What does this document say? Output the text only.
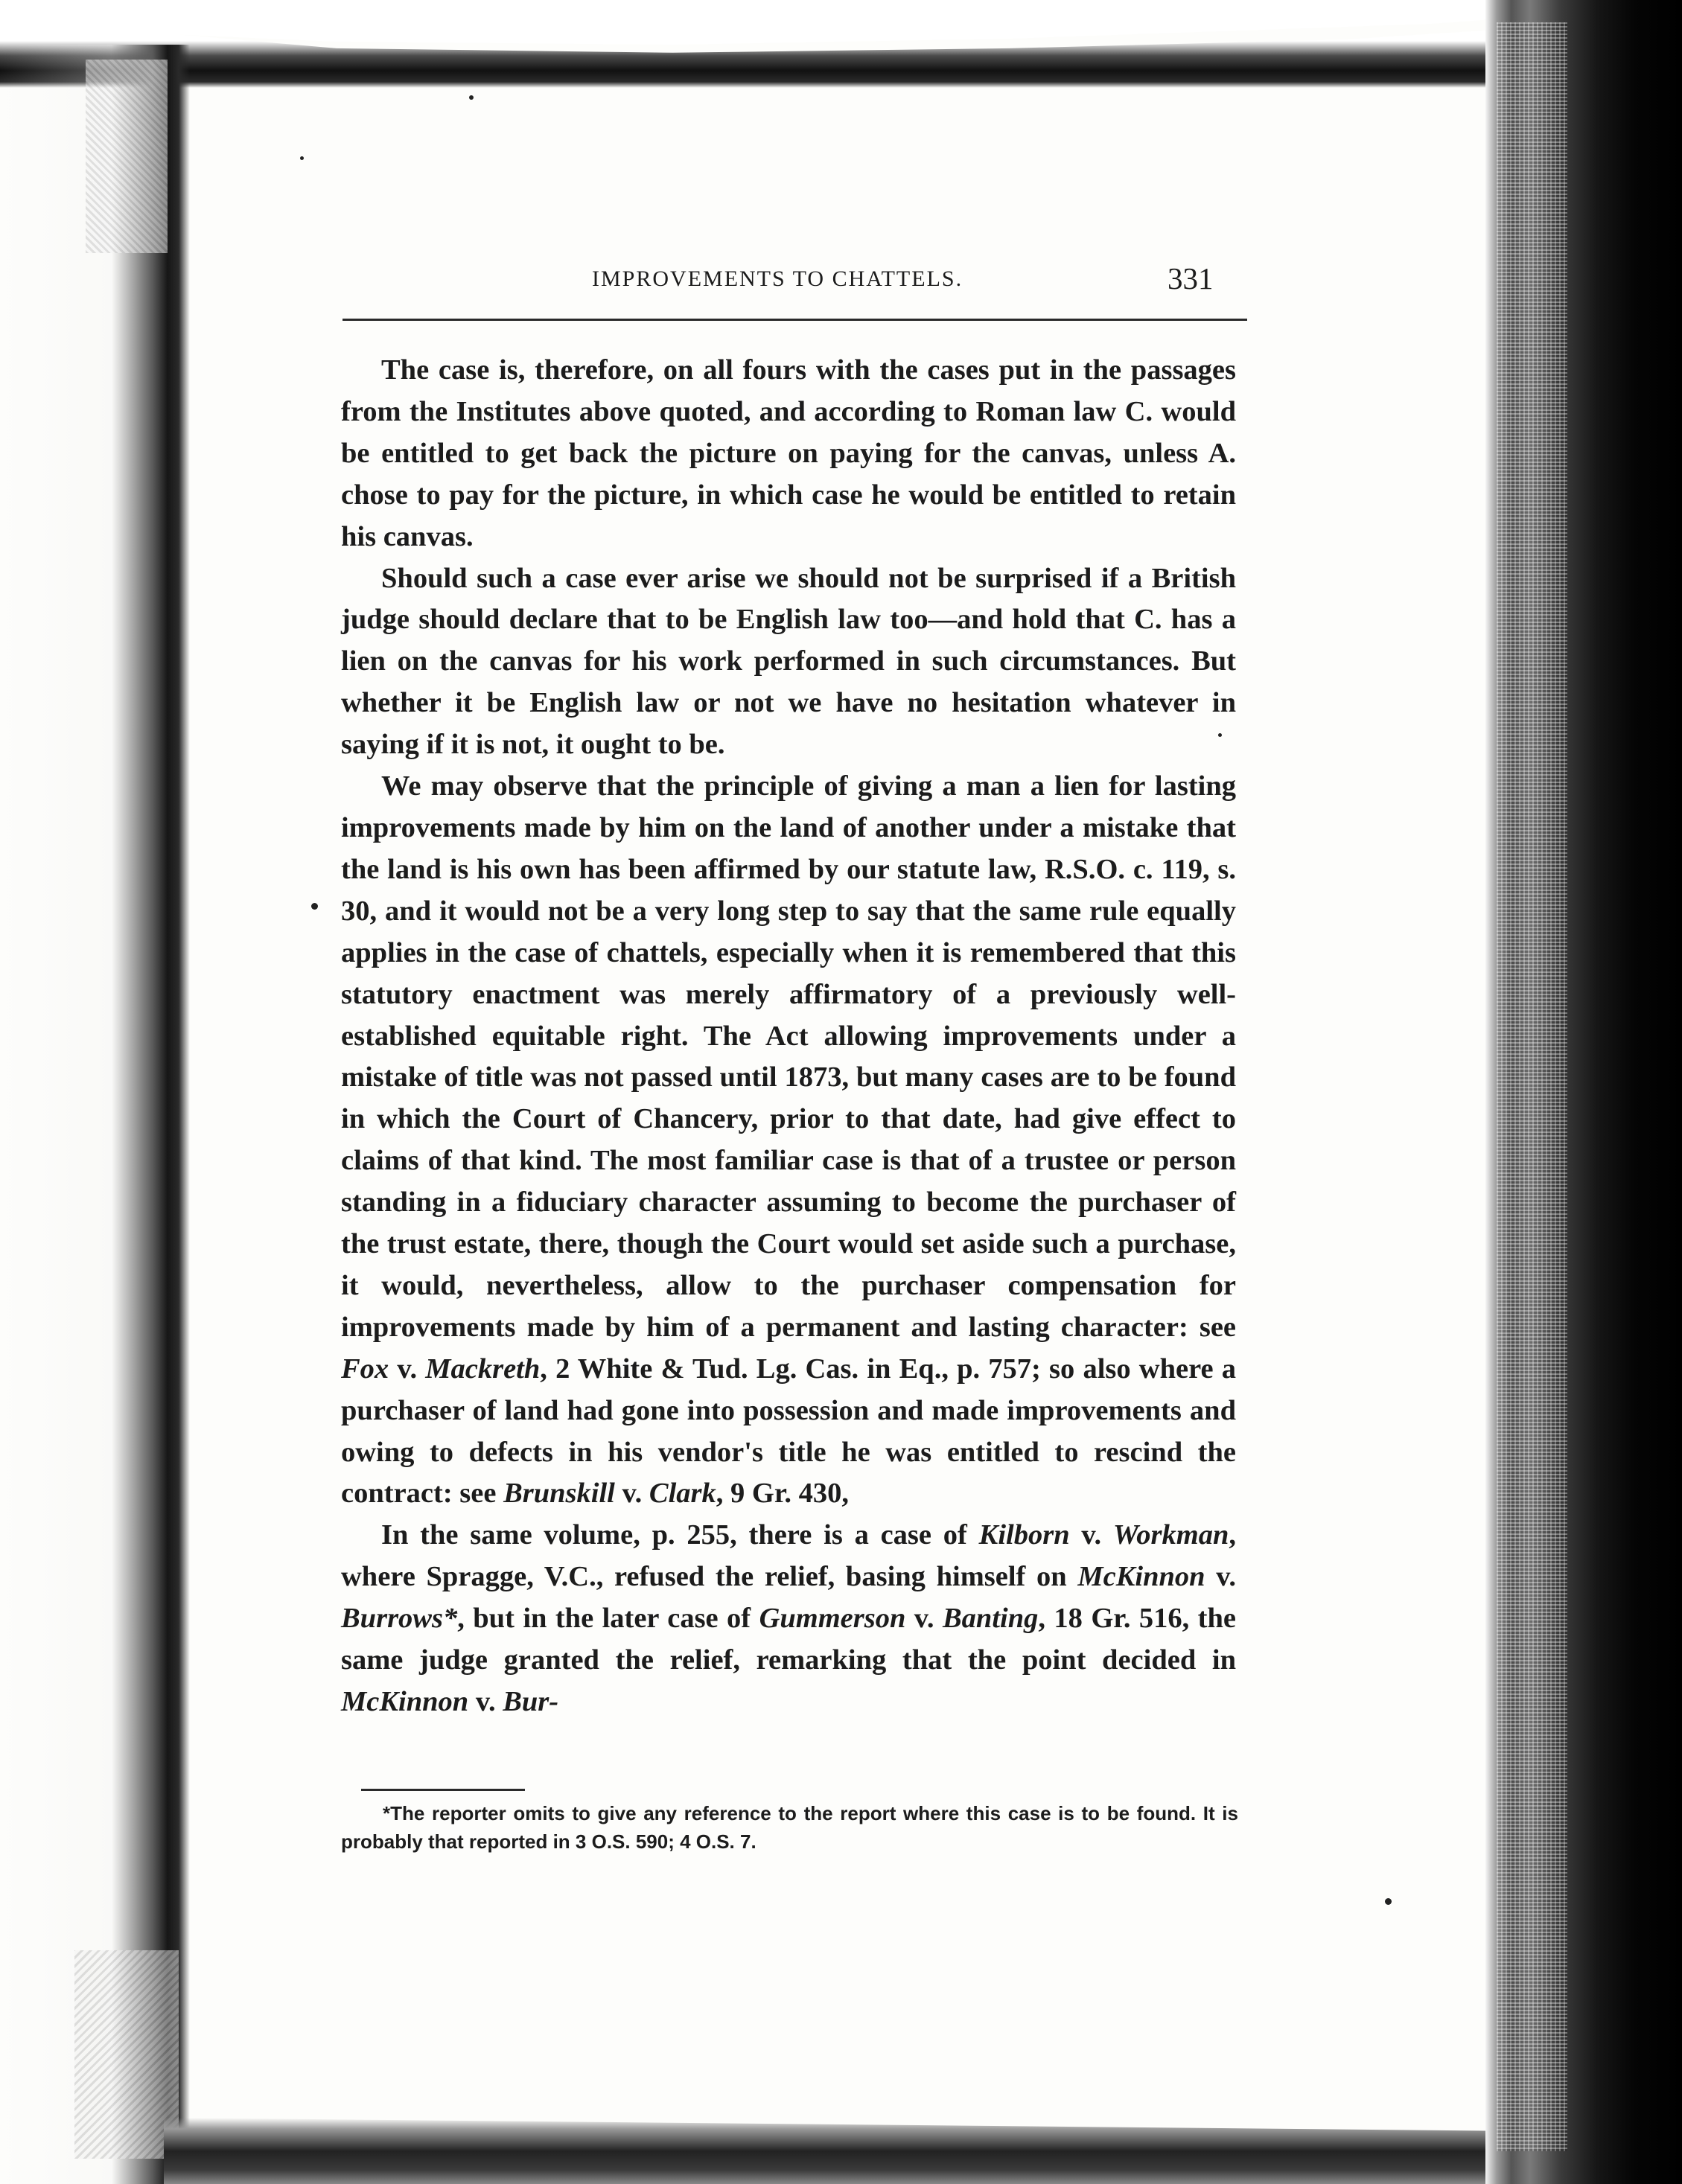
IMPROVEMENTS TO CHATTELS.	331

The case is, therefore, on all fours with the cases put in the passages from the Institutes above quoted, and according to Roman law C. would be entitled to get back the picture on paying for the canvas, unless A. chose to pay for the picture, in which case he would be entitled to retain his canvas.

Should such a case ever arise we should not be surprised if a British judge should declare that to be English law too—and hold that C. has a lien on the canvas for his work performed in such circumstances. But whether it be English law or not we have no hesitation whatever in saying if it is not, it ought to be.

We may observe that the principle of giving a man a lien for lasting improvements made by him on the land of another under a mistake that the land is his own has been affirmed by our statute law, R.S.O. c. 119, s. 30, and it would not be a very long step to say that the same rule equally applies in the case of chattels, especially when it is remembered that this statutory enactment was merely affirmatory of a previously well-established equitable right. The Act allowing improvements under a mistake of title was not passed until 1873, but many cases are to be found in which the Court of Chancery, prior to that date, had give effect to claims of that kind. The most familiar case is that of a trustee or person standing in a fiduciary character assuming to become the purchaser of the trust estate, there, though the Court would set aside such a purchase, it would, nevertheless, allow to the purchaser compensation for improvements made by him of a permanent and lasting character: see Fox v. Mackreth, 2 White & Tud. Lg. Cas. in Eq., p. 757; so also where a purchaser of land had gone into possession and made improvements and owing to defects in his vendor's title he was entitled to rescind the contract: see Brunskill v. Clark, 9 Gr. 430,

In the same volume, p. 255, there is a case of Kilborn v. Workman, where Spragge, V.C., refused the relief, basing himself on McKinnon v. Burrows*, but in the later case of Gummerson v. Banting, 18 Gr. 516, the same judge granted the relief, remarking that the point decided in McKinnon v. Bur-

*The reporter omits to give any reference to the report where this case is to be found. It is probably that reported in 3 O.S. 590; 4 O.S. 7.
